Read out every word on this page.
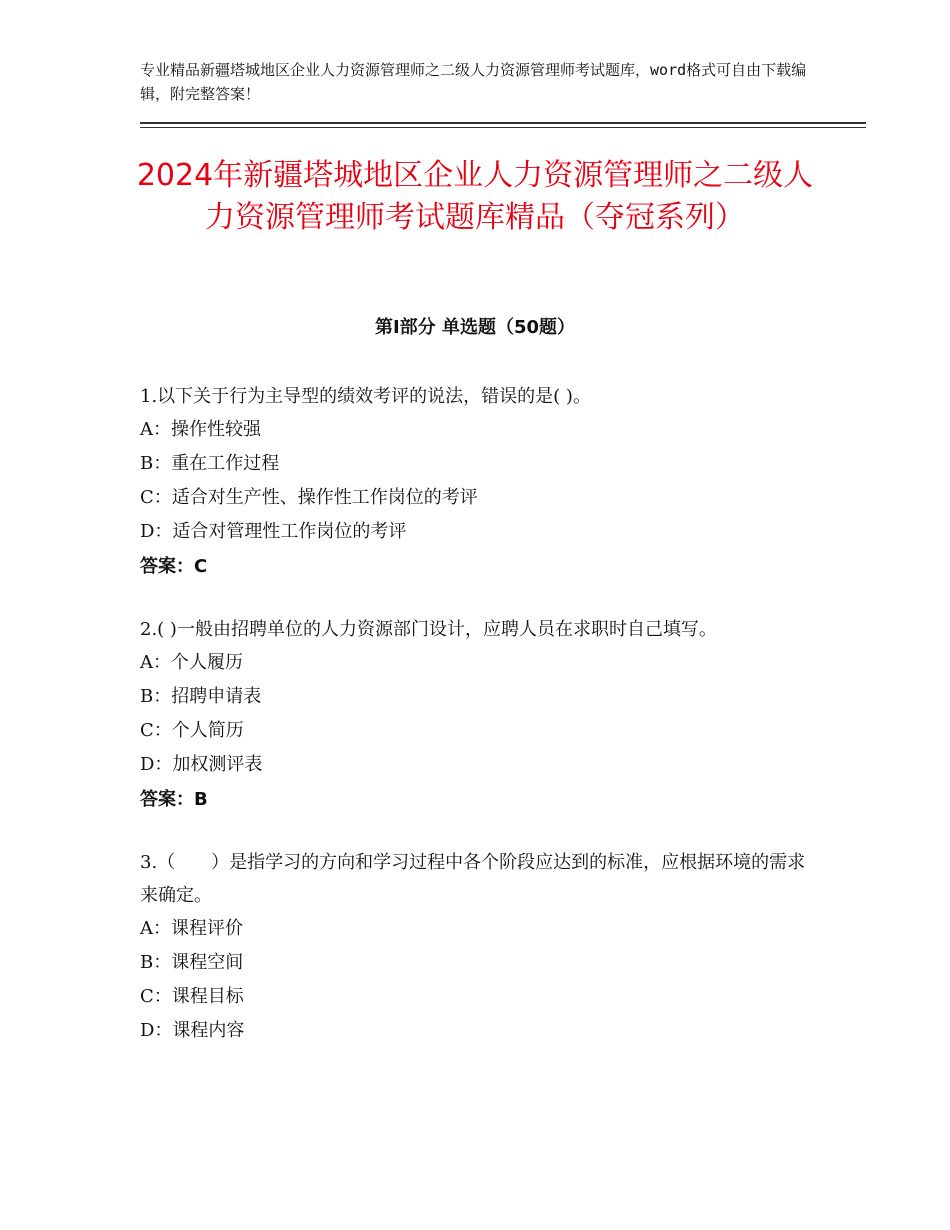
专业精品新疆塔城地区企业人力资源管理师之二级人力资源管理师考试题库，word格式可自由下载编辑，附完整答案！
2024年新疆塔城地区企业人力资源管理师之二级人力资源管理师考试题库精品（夺冠系列）
第Ⅰ部分 单选题（50题）

1.以下关于行为主导型的绩效考评的说法，错误的是( )。

A：操作性较强

B：重在工作过程

C：适合对生产性、操作性工作岗位的考评

D：适合对管理性工作岗位的考评

答案：C

2.( )一般由招聘单位的人力资源部门设计，应聘人员在求职时自己填写。

A：个人履历

B：招聘申请表

C：个人简历

D：加权测评表

答案：B

3.（　　）是指学习的方向和学习过程中各个阶段应达到的标准，应根据环境的需求来确定。

A：课程评价

B：课程空间

C：课程目标

D：课程内容
